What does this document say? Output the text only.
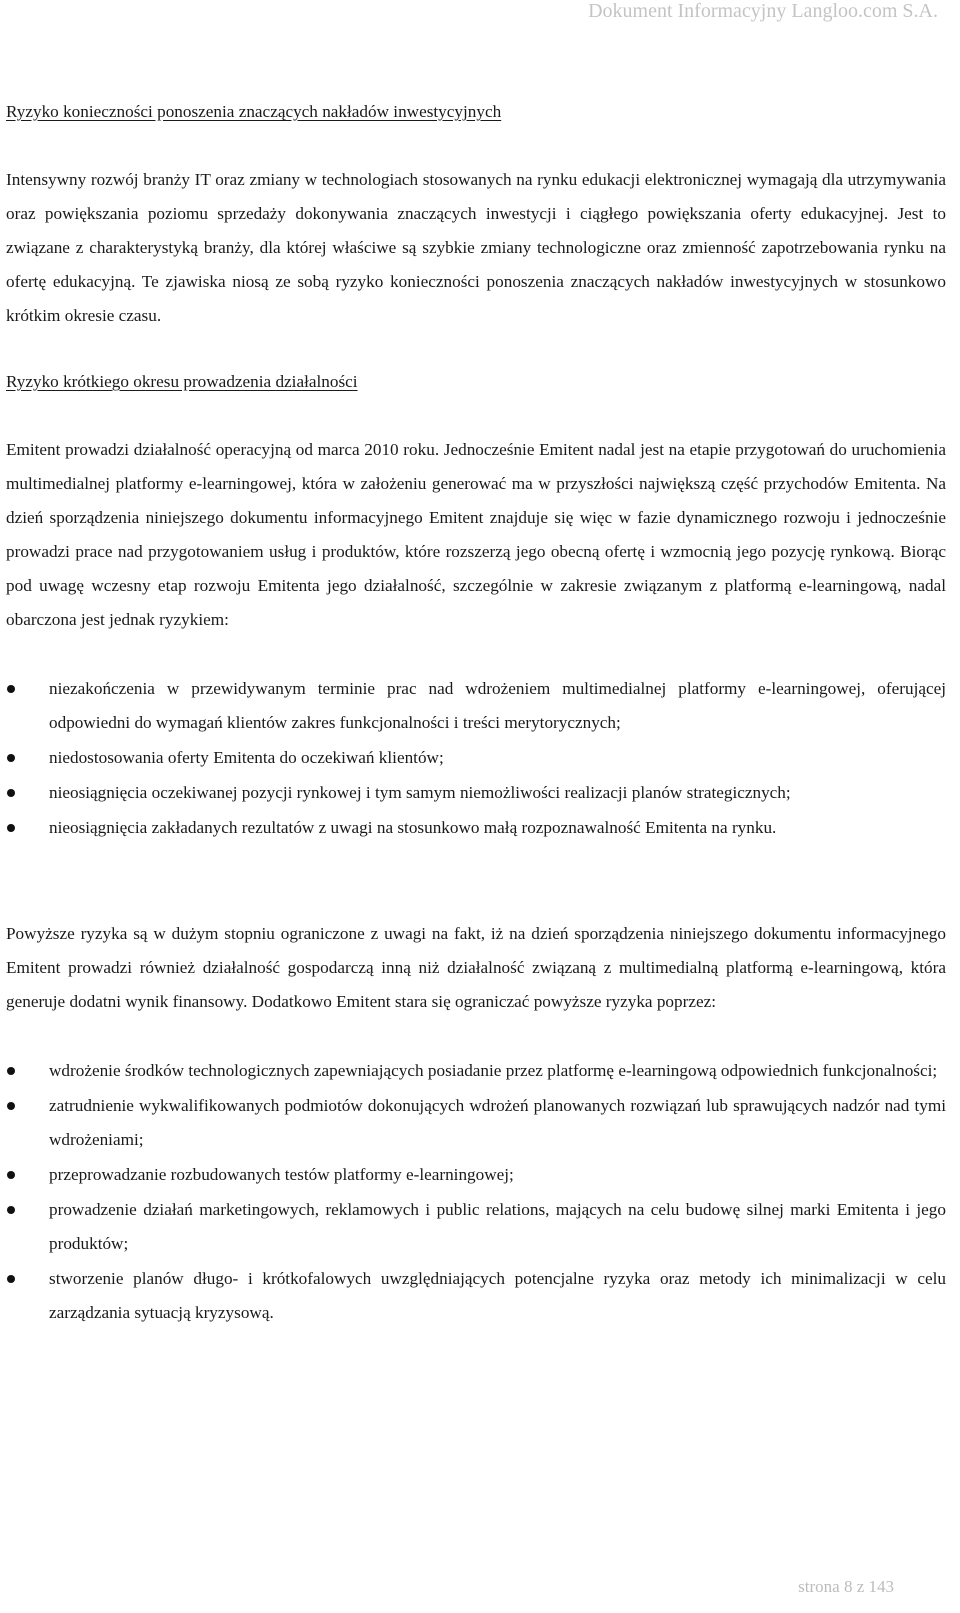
Dokument Informacyjny Langloo.com S.A.
Ryzyko konieczności ponoszenia znaczących nakładów inwestycyjnych

Intensywny rozwój branży IT oraz zmiany w technologiach stosowanych na rynku edukacji elektronicznej wymagają dla utrzymywania oraz powiększania poziomu sprzedaży dokonywania znaczących inwestycji i ciągłego powiększania oferty edukacyjnej. Jest to związane z charakterystyką branży, dla której właściwe są szybkie zmiany technologiczne oraz zmienność zapotrzebowania rynku na ofertę edukacyjną. Te zjawiska niosą ze sobą ryzyko konieczności ponoszenia znaczących nakładów inwestycyjnych w stosunkowo krótkim okresie czasu.

Ryzyko krótkiego okresu prowadzenia działalności

Emitent prowadzi działalność operacyjną od marca 2010 roku. Jednocześnie Emitent nadal jest na etapie przygotowań do uruchomienia multimedialnej platformy e-learningowej, która w założeniu generować ma w przyszłości największą część przychodów Emitenta. Na dzień sporządzenia niniejszego dokumentu informacyjnego Emitent znajduje się więc w fazie dynamicznego rozwoju i jednocześnie prowadzi prace nad przygotowaniem usług i produktów, które rozszerzą jego obecną ofertę i wzmocnią jego pozycję rynkową. Biorąc pod uwagę wczesny etap rozwoju Emitenta jego działalność, szczególnie w zakresie związanym z platformą e-learningową, nadal obarczona jest jednak ryzykiem:

niezakończenia w przewidywanym terminie prac nad wdrożeniem multimedialnej platformy e-learningowej, oferującej odpowiedni do wymagań klientów zakres funkcjonalności i treści merytorycznych;
niedostosowania oferty Emitenta do oczekiwań klientów;
nieosiągnięcia oczekiwanej pozycji rynkowej i tym samym niemożliwości realizacji planów strategicznych;
nieosiągnięcia zakładanych rezultatów z uwagi na stosunkowo małą rozpoznawalność Emitenta na rynku.

Powyższe ryzyka są w dużym stopniu ograniczone z uwagi na fakt, iż na dzień sporządzenia niniejszego dokumentu informacyjnego Emitent prowadzi również działalność gospodarczą inną niż działalność związaną z multimedialną platformą e-learningową, która generuje dodatni wynik finansowy. Dodatkowo Emitent stara się ograniczać powyższe ryzyka poprzez:

wdrożenie środków technologicznych zapewniających posiadanie przez platformę e-learningową odpowiednich funkcjonalności;
zatrudnienie wykwalifikowanych podmiotów dokonujących wdrożeń planowanych rozwiązań lub sprawujących nadzór nad tymi wdrożeniami;
przeprowadzanie rozbudowanych testów platformy e-learningowej;
prowadzenie działań marketingowych, reklamowych i public relations, mających na celu budowę silnej marki Emitenta i jego produktów;
stworzenie planów długo- i krótkofalowych uwzględniających potencjalne ryzyka oraz metody ich minimalizacji w celu zarządzania sytuacją kryzysową.
strona 8 z 143
